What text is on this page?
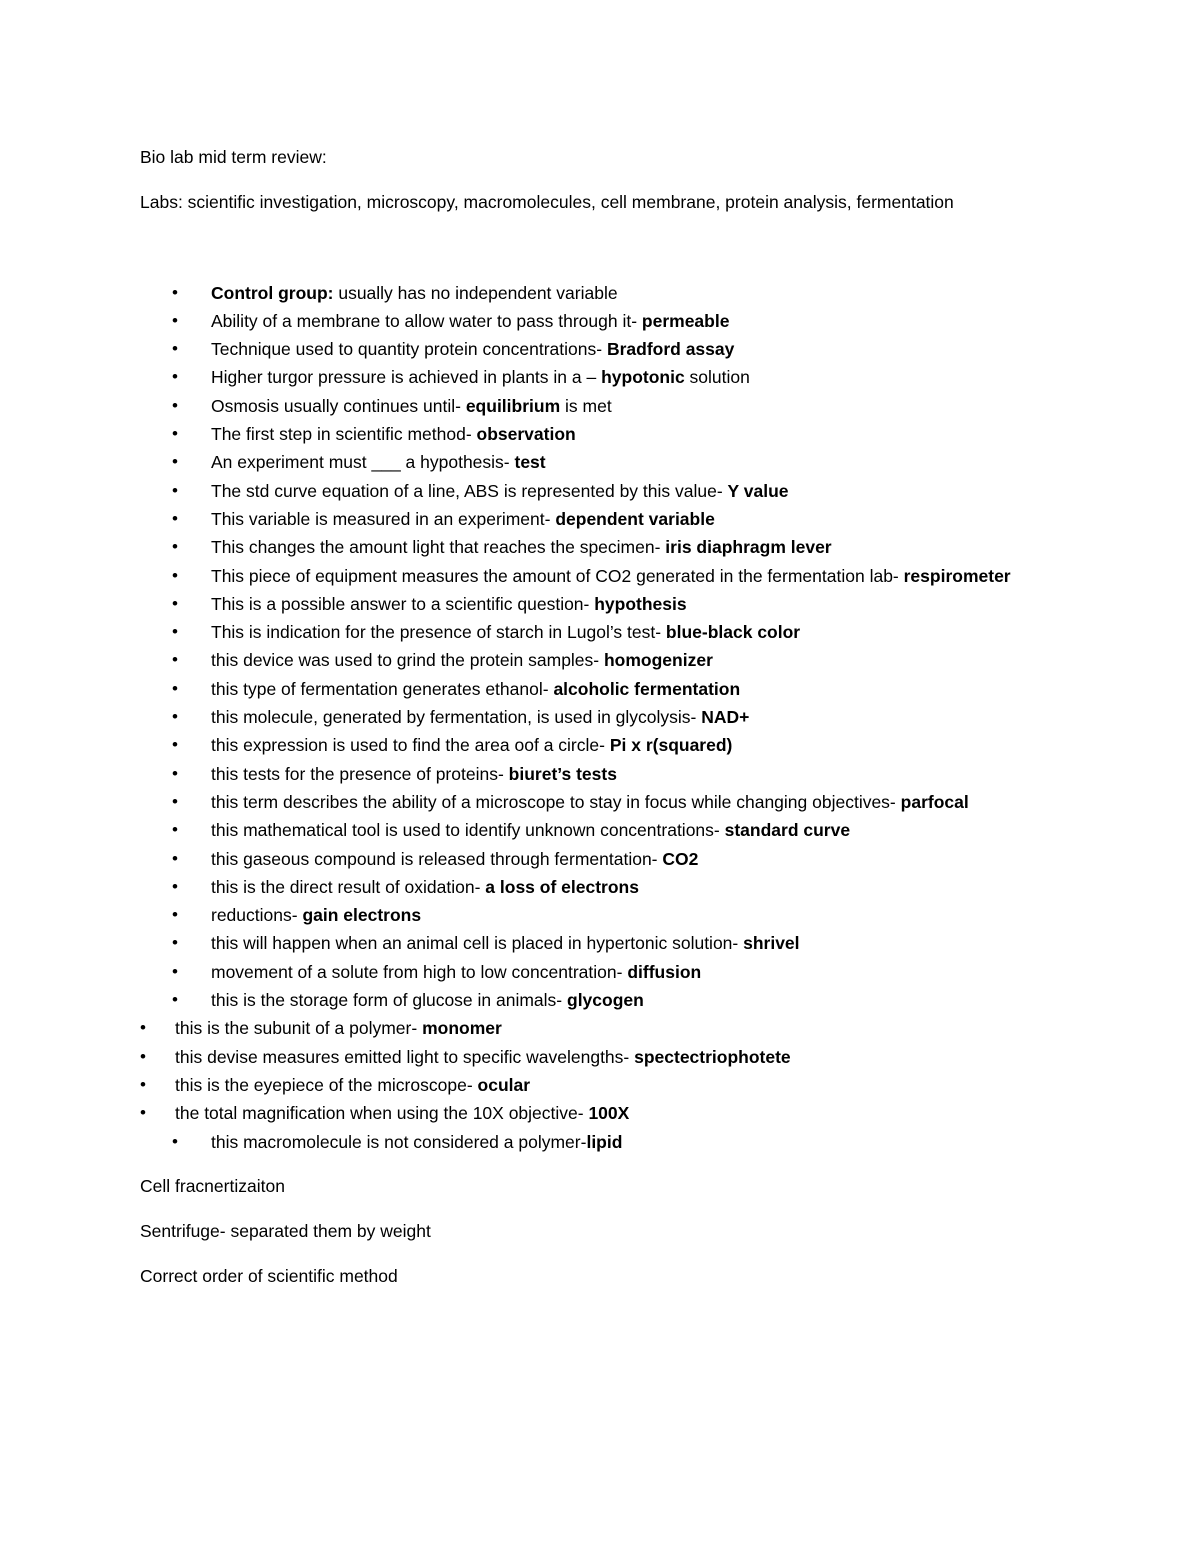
Bio lab mid term review:

Labs: scientific investigation, microscopy, macromolecules, cell membrane, protein analysis, fermentation

• Control group: usually has no independent variable
• Ability of a membrane to allow water to pass through it- permeable
• Technique used to quantity protein concentrations- Bradford assay
• Higher turgor pressure is achieved in plants in a – hypotonic solution
• Osmosis usually continues until- equilibrium is met
• The first step in scientific method- observation
• An experiment must ___ a hypothesis- test
• The std curve equation of a line, ABS is represented by this value- Y value
• This variable is measured in an experiment- dependent variable
• This changes the amount light that reaches the specimen- iris diaphragm lever
• This piece of equipment measures the amount of CO2 generated in the fermentation lab- respirometer
• This is a possible answer to a scientific question- hypothesis
• This is indication for the presence of starch in Lugol’s test- blue-black color
• this device was used to grind the protein samples- homogenizer
• this type of fermentation generates ethanol- alcoholic fermentation
• this molecule, generated by fermentation, is used in glycolysis- NAD+
• this expression is used to find the area oof a circle- Pi x r(squared)
• this tests for the presence of proteins- biuret’s tests
• this term describes the ability of a microscope to stay in focus while changing objectives- parfocal
• this mathematical tool is used to identify unknown concentrations- standard curve
• this gaseous compound is released through fermentation- CO2
• this is the direct result of oxidation- a loss of electrons
• reductions- gain electrons
• this will happen when an animal cell is placed in hypertonic solution- shrivel
• movement of a solute from high to low concentration- diffusion
• this is the storage form of glucose in animals- glycogen
• this is the subunit of a polymer- monomer
• this devise measures emitted light to specific wavelengths- spectectriophotete
• this is the eyepiece of the microscope- ocular
• the total magnification when using the 10X objective- 100X
• this macromolecule is not considered a polymer-lipid

Cell fracnertizaiton

Sentrifuge- separated them by weight

Correct order of scientific method
